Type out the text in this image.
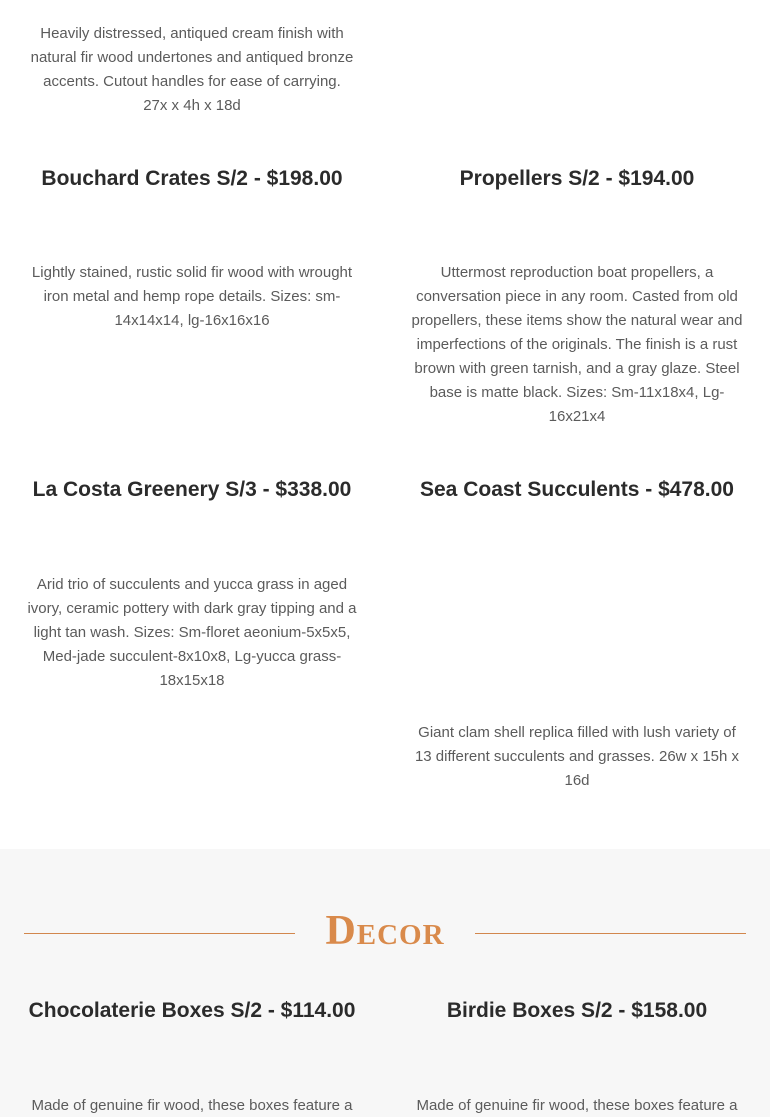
Heavily distressed, antiqued cream finish with natural fir wood undertones and antiqued bronze accents. Cutout handles for ease of carrying.

27x x 4h x 18d

Bouchard Crates S/2 - $198.00	Propellers S/2 - $194.00

Lightly stained, rustic solid fir wood with wrought iron metal and hemp rope details. Sizes: sm-14x14x14, lg-16x16x16

Uttermost reproduction boat propellers, a conversation piece in any room. Casted from old propellers, these items show the natural wear and imperfections of the originals. The finish is a rust brown with green tarnish, and a gray glaze. Steel base is matte black. Sizes: Sm-11x18x4, Lg-16x21x4

La Costa Greenery S/3 - $338.00	Sea Coast Succulents - $478.00

Arid trio of succulents and yucca grass in aged ivory, ceramic pottery with dark gray tipping and a light tan wash. Sizes: Sm-floret aeonium-5x5x5, Med-jade succulent-8x10x8, Lg-yucca grass-18x15x18

Giant clam shell replica filled with lush variety of 13 different succulents and grasses. 26w x 15h x 16d

Decor
Chocolaterie Boxes S/2 - $114.00	Birdie Boxes S/2 - $158.00

Made of genuine fir wood, these boxes feature a	Made of genuine fir wood, these boxes feature a
